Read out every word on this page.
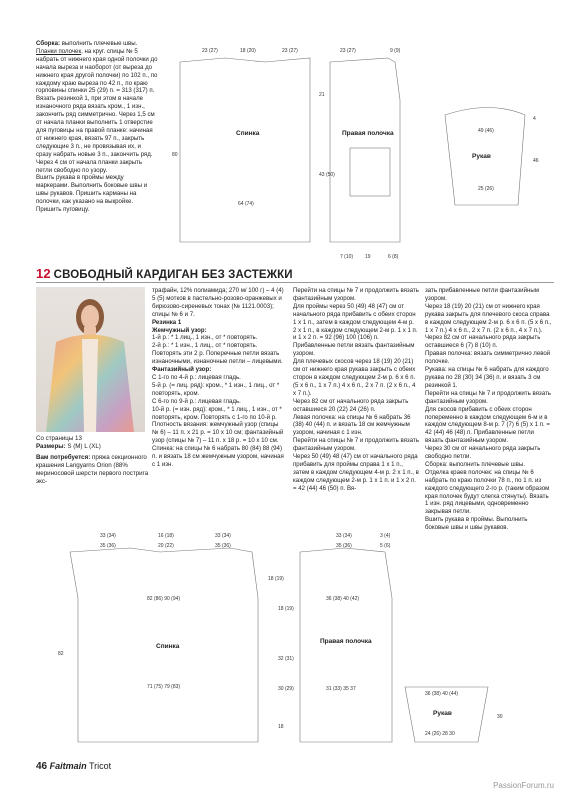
Сборка: выполнить плечевые швы.

Планки полочек, на круг. спицы № 5 набрать от нижнего края одной полочки до начала выреза и наоборот (от выреза до нижнего края другой полочки) по 102 п., по каждому краю выреза по 42 п., по краю горловины спинки 25 (29) п. = 313 (317) п.

Вязать резинкой 1, при этом в начале изнаночного ряда вязать кром., 1 изн., закончить ряд симметрично. Через 1,5 см от начала планки выполнить 1 отверстие для пуговицы на правой планке: начиная от нижнего края, вязать 97 п., закрыть следующие 3 п., не провязывая их, и сразу набрать новые 3 п., закончить ряд.

Через 4 см от начала планки закрыть петли свободно по узору.

Вшить рукава в проймы между маркерами. Выполнить боковые швы и швы рукавов. Пришить карманы на полочки, как указано на выкройке. Пришить пуговицу.

23 (27)	18 (20)	23 (27)
64 (74)
80
23 (27)	9 (9)
21
43 (50)
7 (10) 19	6 (8)
49 (46)
25 (26)
4
46
Спинка	Правая полочка
Рукав
12 СВОБОДНЫЙ КАРДИГАН БЕЗ ЗАСТЕЖКИ

Со страницы 13

Размеры: S (M) L (XL)

Вам потребуется: пряжа секционного крашения Langyarns Orion (88% мериносовой шерсти первого пострига экс-

трафайн, 12% полиамида; 270 м/ 100 г) – 4 (4) 5 (5) мотков в пастельно-розово-оранжевых и бирюзово-сиреневых тонах (№ 1121.0003); спицы № 6 и 7.

Резинка 1

Жемчужный узор:

1-й р.: * 1 лиц., 1 изн., от * повторять.

2-й р.: * 1 изн., 1 лиц., от * повторять. Повторять эти 2 р. Поперечные петли вязать изнаночными, изнаночные петли – лицевыми.

Фантазийный узор:

С 1-го по 4-й р.: лицевая гладь.

5-й р. (= лиц. ряд): кром., * 1 изн., 1 лиц., от * повторять, кром.

С 6-го по 9-й р.: лицевая гладь.

10-й р. (= изн. ряд): кром., * 1 лиц., 1 изн., от * повторять, кром. Повторять с 1-го по 10-й р.

Плотность вязания: жемчужный узор (спицы № 6) – 11 п. x 21 р. = 10 x 10 см; фантазийный узор (спицы № 7) – 11 п. x 18 р. = 10 x 10 см.

Спинка: на спицы № 6 набрать 80 (84) 88 (94) п. и вязать 18 см жемчужным узором, начиная с 1 изн.

Перейти на спицы № 7 и продолжить вязать фантазийным узором.

Для проймы через 50 (49) 48 (47) см от начального ряда прибавить с обеих сторон 1 x 1 п., затем в каждом следующем 4-м р. 2 x 1 п., в каждом следующем 2-м р. 1 x 1 п. и 1 x 2 п. = 92 (96) 100 (106) п. Прибавленные петли вязать фантазийным узором.

Для плечевых скосов через 18 (19) 20 (21) см от нижнего края рукава закрыть с обеих сторон в каждом следующем 2-м р. 6 x 6 п. (5 x 6 п., 1 x 7 п.) 4 x 6 п., 2 x 7 п. (2 x 6 п., 4 x 7 п.).

Через 82 см от начального ряда закрыть оставшиеся 20 (22) 24 (26) п.

Левая полочка: на спицы № 6 набрать 36 (38) 40 (44) п. и вязать 18 см жемчужным узором, начиная с 1 изн.

Перейти на спицы № 7 и продолжить вязать фантазийным узором.

Через 50 (49) 48 (47) см от начального ряда прибавить для проймы справа 1 x 1 п., затем в каждом следующем 4-м р. 2 x 1 п., в каждом следующем 2-м р. 1 x 1 п. и 1 x 2 п. = 42 (44) 46 (50) п. Вя-

зать прибавленные петли фантазийным узором.

Через 18 (19) 20 (21) см от нижнего края рукава закрыть для плечевого скоса справа в каждом следующем 2-м р. 6 x 6 п. (5 x 6 п., 1 x 7 п.) 4 x 6 п., 2 x 7 п. (2 x 6 п., 4 x 7 п.).

Через 82 см от начального ряда закрыть оставшиеся 6 (7) 8 (10) п.

Правая полочка: вязать симметрично левой полочке.

Рукава: на спицы № 6 набрать для каждого рукава по 28 (30) 34 (36) п. и вязать 3 см резинкой 1.

Перейти на спицы № 7 и продолжить вязать фантазийным узором.

Для скосов прибавить с обеих сторон попеременно в каждом следующем 6-м и в каждом следующем 8-м р. 7 (7) 6 (5) x 1 п. = 42 (44) 46 (48) п. Прибавленные петли вязать фантазийным узором.

Через 30 см от начального ряда закрыть свободно петли.

Сборка: выполнить плечевые швы.

Отделка краев полочек: на спицы № 6 набрать по краю полочки 78 п., по 1 п. из каждого следующего 2-го р. (таким образом края полочек будут слегка стянуты). Вязать 1 изн. ряд лицевыми, одновременно закрывая петли.

Вшить рукава в проймы. Выполнить боковые швы и швы рукавов.

33 (34)	16 (18)	33 (34)
35 (36)	20 (22)	35 (36)
82 (86) 90 (94)
71 (75) 79 (83)
82
18 (19)
33 (34)
35 (36)
3 (4)
5 (6)
36 (38) 40 (42)
31 (33) 35 37
18 (19)
32 (31)
30 (29)
18
36 (38) 40 (44)
24 (26) 28 30
30
Спинка
Правая полочка
Рукав
46 Faitmain Tricot
PassionForum.ru
